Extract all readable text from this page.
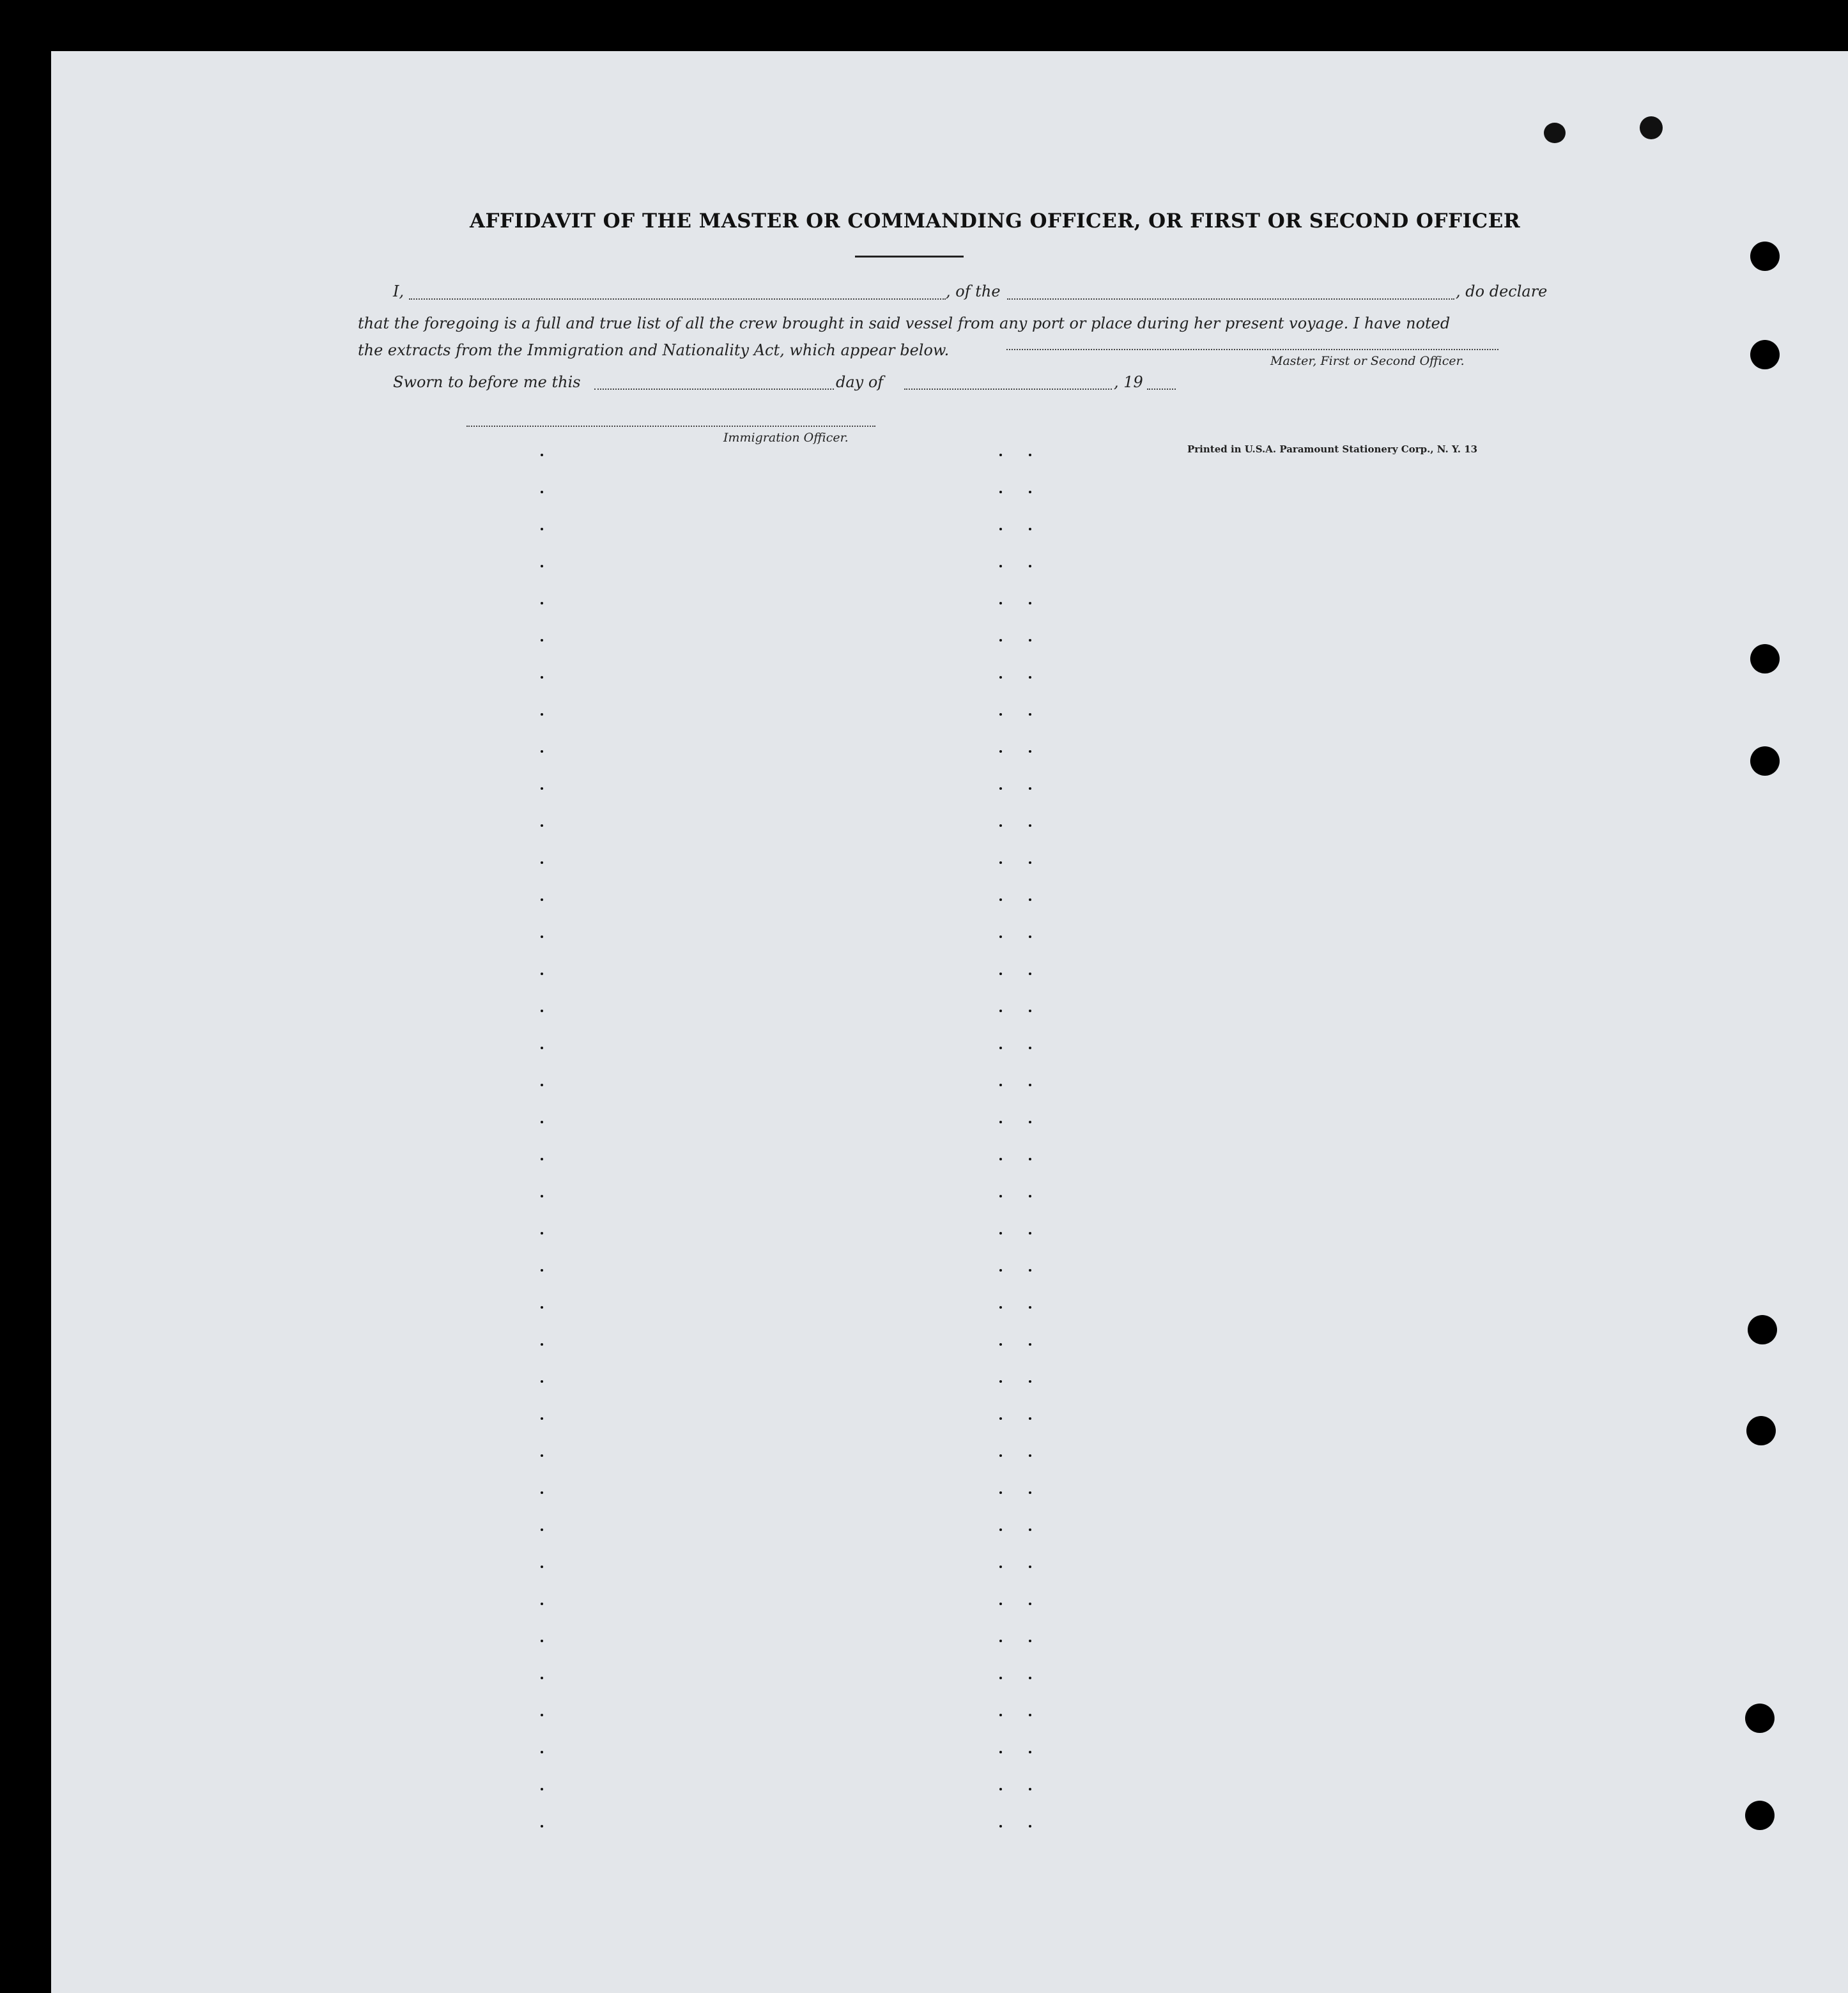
AFFIDAVIT OF THE MASTER OR COMMANDING OFFICER, OR FIRST OR SECOND OFFICER
I,	, of the	, do declare
that the foregoing is a full and true list of all the crew brought in said vessel from any port or place during her present voyage. I have noted
the extracts from the Immigration and Nationality Act, which appear below.
Master, First or Second Officer.
Sworn to before me this	day of	, 19
Immigration Officer.
Printed in U.S.A. Paramount Stationery Corp., N. Y. 13
